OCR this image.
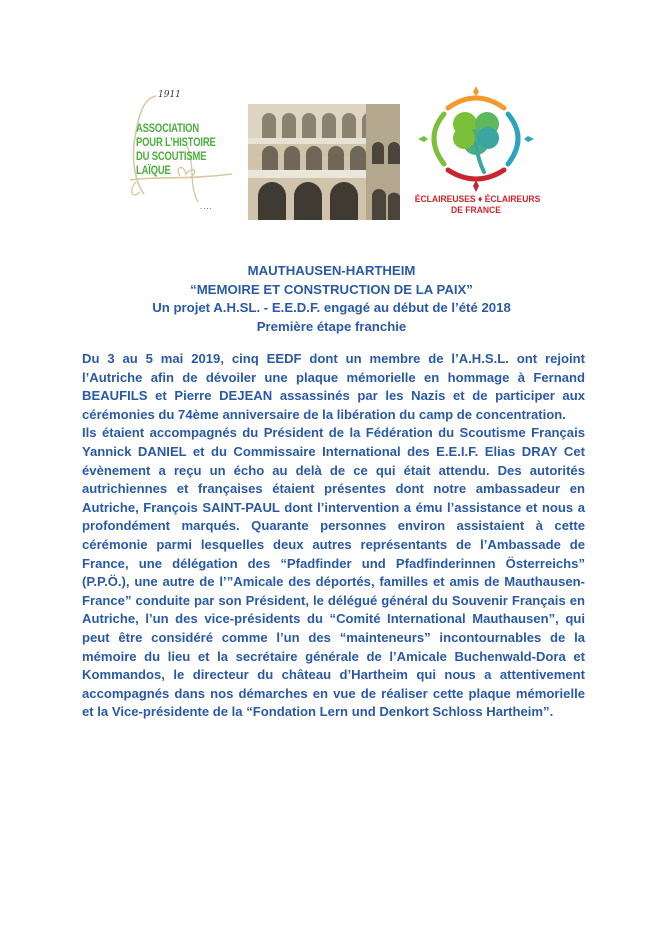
1911
ASSOCIATION
POUR L’HISTOIRE
DU SCOUTISME
LAÏQUE
....
ÉCLAIREUSES ♦ ÉCLAIREURS
DE FRANCE
MAUTHAUSEN-HARTHEIM
“MEMOIRE ET CONSTRUCTION DE LA PAIX”
Un projet A.H.SL. - E.E.D.F. engagé au début de l’été 2018
Première étape franchie

Du 3 au 5 mai 2019, cinq EEDF dont un membre de l’A.H.S.L. ont rejoint l’Autriche afin de dévoiler une plaque mémorielle en hommage à Fernand BEAUFILS et Pierre DEJEAN assassinés par les Nazis et de participer aux cérémonies du 74ème anniversaire de la libération du camp de concentration.

Ils étaient accompagnés du Président de la Fédération du Scoutisme Français Yannick DANIEL et du Commissaire International des E.E.I.F. Elias DRAY Cet évènement a reçu un écho au delà de ce qui était attendu. Des autorités autrichiennes et françaises étaient présentes dont notre ambassadeur en Autriche, François SAINT-PAUL dont l’intervention a ému l’assistance et nous a profondément marqués. Quarante personnes environ assistaient à cette cérémonie parmi lesquelles deux autres représentants de l’Ambassade de France, une délégation des “Pfadfinder und Pfadfinderinnen Österreichs” (P.P.Ö.), une autre de l’”Amicale des déportés, familles et amis de Mauthausen-France” conduite par son Président, le délégué général du Souvenir Français en Autriche, l’un des vice-présidents du “Comité International Mauthausen”, qui peut être considéré comme l’un des “mainteneurs” incontournables de la mémoire du lieu et la secrétaire générale de l’Amicale Buchenwald-Dora et Kommandos, le directeur du château d’Hartheim qui nous a attentivement accompagnés dans nos démarches en vue de réaliser cette plaque mémorielle et la Vice-présidente de la “Fondation Lern und Denkort Schloss Hartheim”.
